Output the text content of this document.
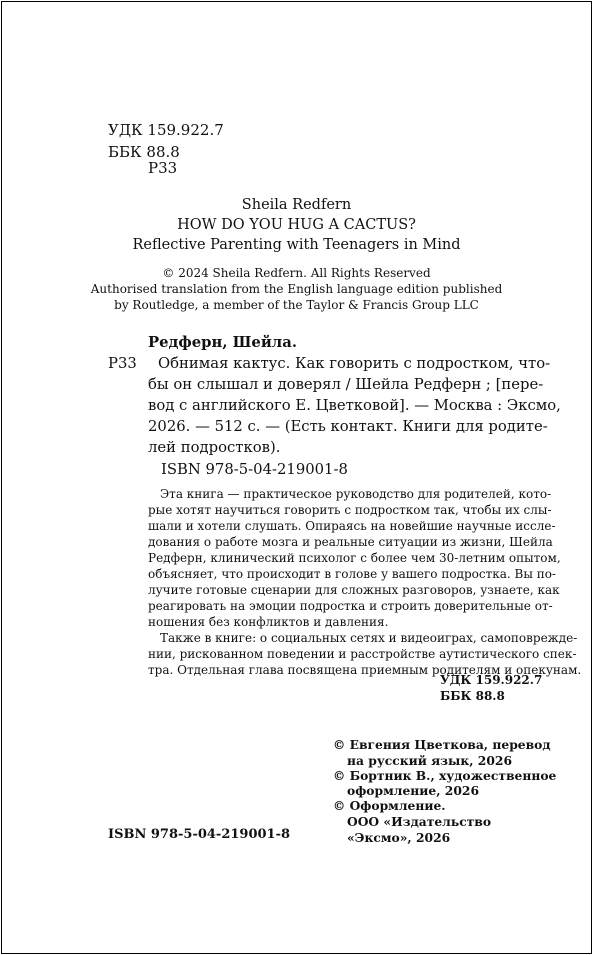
УДК 159.922.7
ББК 88.8
Р33
Sheila Redfern
HOW DO YOU HUG A CACTUS?
Reflective Parenting with Teenagers in Mind
© 2024 Sheila Redfern. All Rights Reserved
Authorised translation from the English language edition published
by Routledge, a member of the Taylor & Francis Group LLC
Редферн, Шейла.
Р33 Обнимая кактус. Как говорить с подростком, что-
бы он слышал и доверял / Шейла Редферн ; [пере-
вод с английского Е. Цветковой]. — Москва : Эксмо,
2026. — 512 с. — (Есть контакт. Книги для родите-
лей подростков).
ISBN 978-5-04-219001-8
Эта книга — практическое руководство для родителей, кото-
рые хотят научиться говорить с подростком так, чтобы их слы-
шали и хотели слушать. Опираясь на новейшие научные иссле-
дования о работе мозга и реальные ситуации из жизни, Шейла
Редферн, клинический психолог с более чем 30-летним опытом,
объясняет, что происходит в голове у вашего подростка. Вы по-
лучите готовые сценарии для сложных разговоров, узнаете, как
реагировать на эмоции подростка и строить доверительные от-
ношения без конфликтов и давления.
Также в книге: о социальных сетях и видеоиграх, самоповрежде-
нии, рискованном поведении и расстройстве аутистического спек-
тра. Отдельная глава посвящена приемным родителям и опекунам.
УДК 159.922.7
ББК 88.8
© Евгения Цветкова, перевод
на русский язык, 2026
© Бортник В., художественное
оформление, 2026
© Оформление.
ООО «Издательство
«Эксмо», 2026
ISBN 978-5-04-219001-8
